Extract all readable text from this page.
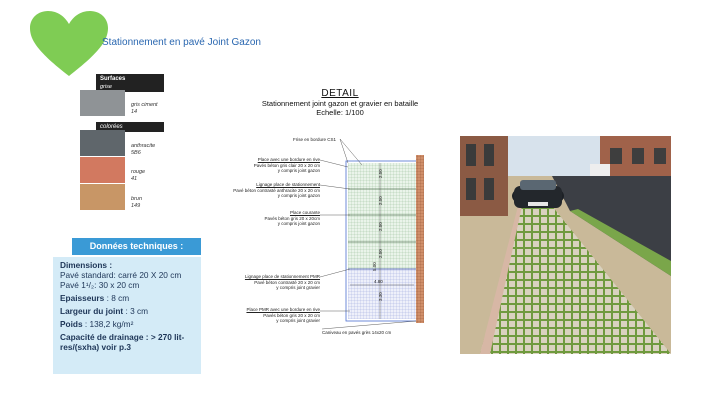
Stationnement en pavé Joint Gazon
Surfaces
grise
gris ciment
14
colorées
anthracite
5B6
rouge
41
brun
149
Données techniques :
Dimensions :
Pavé standard: carré 20 X 20 cm
Pavé 1¹/₂: 30 x 20 cm
Epaisseurs : 8 cm
Largeur du joint : 3 cm
Poids : 138,2 kg/m²
Capacité de drainage : > 270 lit-res/(sxha) voir p.3
DETAIL
Stationnement joint gazon et gravier en bataille
Echelle: 1/100
Frise en bordure CS1
Place avec une bordure en rive
Pavés béton gris clair 20 x 20 cm
y compris joint gazon
Lignage place de stationnement
Pavé béton contrasté anthracite 20 x 20 cm
y compris joint gazon
Place courante
Pavés béton gris 20 x 20cm
y compris joint gazon
Lignage place de stationnement PMR
Pavé béton contrasté 20 x 20 cm
y compris joint gravier
Place PMR avec une bordure en rive
Pavés béton gris 20 x 20 cm
y compris joint gravier
Caniveau en pavés grès 14x20 cm
2.50
2.50
2.50
2.50
5.00
3.30
4.80
